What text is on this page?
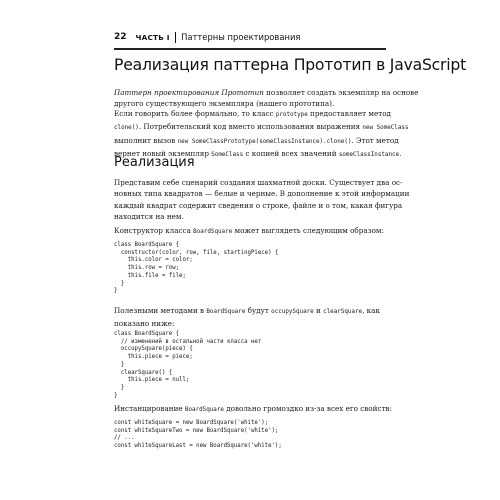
22 ЧАСТЬ I Паттерны проектирования
Реализация паттерна Прототип в JavaScript
Паттерн проектирования Прототип позволяет создать экземпляр на основе
другого существующего экземпляра (нашего прототипа).
Если говорить более формально, то класс prototype предоставляет метод
clone(). Потребительский код вместо использования выражения new SomeClass
выполнит вызов new SomeClassPrototype(someClassInstance).clone(). Этот метод
вернет новый экземпляр SomeClass с копией всех значений someClassInstance.
Реализация
Представим себе сценарий создания шахматной доски. Существует два ос-
новных типа квадратов — белые и черные. В дополнение к этой информации
каждый квадрат содержит сведения о строке, файле и о том, какая фигура
находится на нем.
Конструктор класса BoardSquare может выглядеть следующим образом:
class BoardSquare {
constructor(color, row, file, startingPiece) {
this.color = color;
this.row = row;
this.file = file;
}
}
Полезными методами в BoardSquare будут occupySquare и clearSquare, как
показано ниже:
class BoardSquare {
// изменений в остальной части класса нет
occupySquare(piece) {
this.piece = piece;
}
clearSquare() {
this.piece = null;
}
}
Инстанцирование BoardSquare довольно громоздко из-за всех его свойств:
const whiteSquare = new BoardSquare('white');
const whiteSquareTwo = new BoardSquare('white');
// ...
const whiteSquareLast = new BoardSquare('white');
